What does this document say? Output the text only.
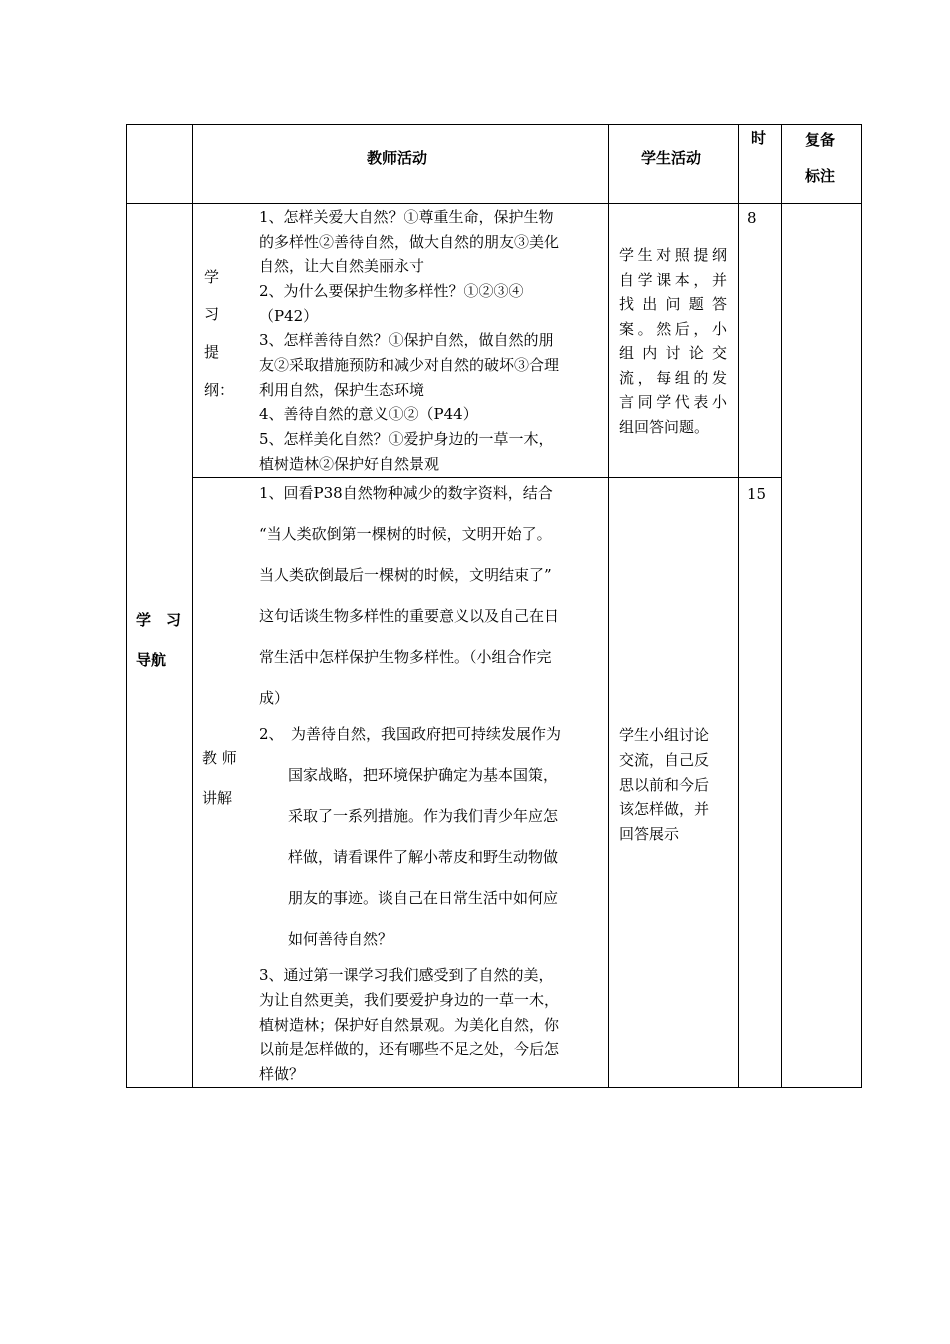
教师活动	学生活动
时	复备
标注
学　习
导航
学
习
提
纲：
1、怎样关爱大自然？①尊重生命，保护生物
的多样性②善待自然，做大自然的朋友③美化
自然，让大自然美丽永寸
2、为什么要保护生物多样性？①②③④
（P42）
3、怎样善待自然？①保护自然，做自然的朋
友②采取措施预防和减少对自然的破坏③合理
利用自然，保护生态环境
4、善待自然的意义①②（P44）
5、怎样美化自然？①爱护身边的一草一木，
植树造林②保护好自然景观
学生对照提纲
自学课本，并
找出问题答
案。然后，小
组内讨论交
流，每组的发
言同学代表小
组回答问题。
8
教 师
讲解
1、回看P38自然物种减少的数字资料，结合
“当人类砍倒第一棵树的时候，文明开始了。
当人类砍倒最后一棵树的时候，文明结束了”
这句话谈生物多样性的重要意义以及自己在日
常生活中怎样保护生物多样性。（小组合作完
成）
2、　为善待自然，我国政府把可持续发展作为
国家战略，把环境保护确定为基本国策，
采取了一系列措施。作为我们青少年应怎
样做，请看课件了解小蒂皮和野生动物做
朋友的事迹。谈自己在日常生活中如何应
如何善待自然？
3、通过第一课学习我们感受到了自然的美，
为让自然更美，我们要爱护身边的一草一木，
植树造林；保护好自然景观。为美化自然，你
以前是怎样做的，还有哪些不足之处，今后怎
样做？
学生小组讨论
交流，自己反
思以前和今后
该怎样做，并
回答展示
15
